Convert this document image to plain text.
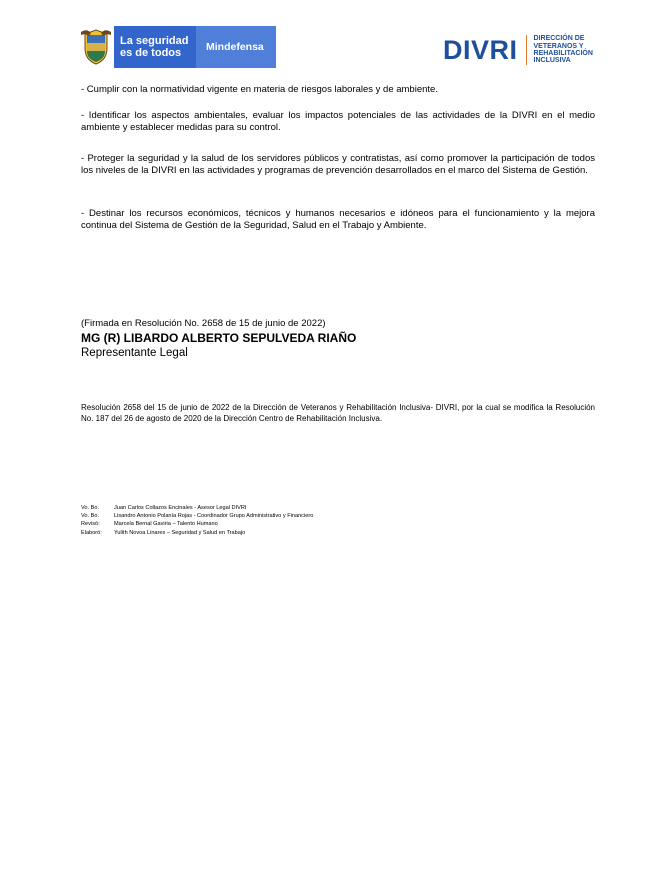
La seguridad
es de todos	Mindefensa	DIVRI DIRECCIÓN DE
VETERANOS Y
REHABILITACIÓN
INCLUSIVA
- Cumplir con la normatividad vigente en materia de riesgos laborales y de ambiente.
- Identificar los aspectos ambientales, evaluar los impactos potenciales de las actividades de la DIVRI en el medio ambiente y establecer medidas para su control.
- Proteger la seguridad y la salud de los servidores públicos y contratistas, así como promover la participación de todos los niveles de la DIVRI en las actividades y programas de prevención desarrollados en el marco del Sistema de Gestión.
- Destinar los recursos económicos, técnicos y humanos necesarios e idóneos para el funcionamiento y la mejora continua del Sistema de Gestión de la Seguridad, Salud en el Trabajo y Ambiente.
(Firmada en Resolución No. 2658 de 15 de junio de 2022)
MG (R) LIBARDO ALBERTO SEPULVEDA RIAÑO
Representante Legal
Resolución 2658 del 15 de junio de 2022 de la Dirección de Veteranos y Rehabilitación Inclusiva- DIVRI, por la cual se modifica la Resolución No. 187 del 26 de agosto de 2020 de la Dirección Centro de Rehabilitación Inclusiva.
Vo. Bo.	Juan Carlos Collazos Encinales - Asesor Legal DIVRI
Vo. Bo.	Lisandro Antonio Polanía Rojas - Coordinador Grupo Administrativo y Financiero
Revisó:	Marcela Bernal Gaviria – Talento Humano
Elaboró:	Yulith Novoa Linares – Seguridad y Salud en Trabajo
